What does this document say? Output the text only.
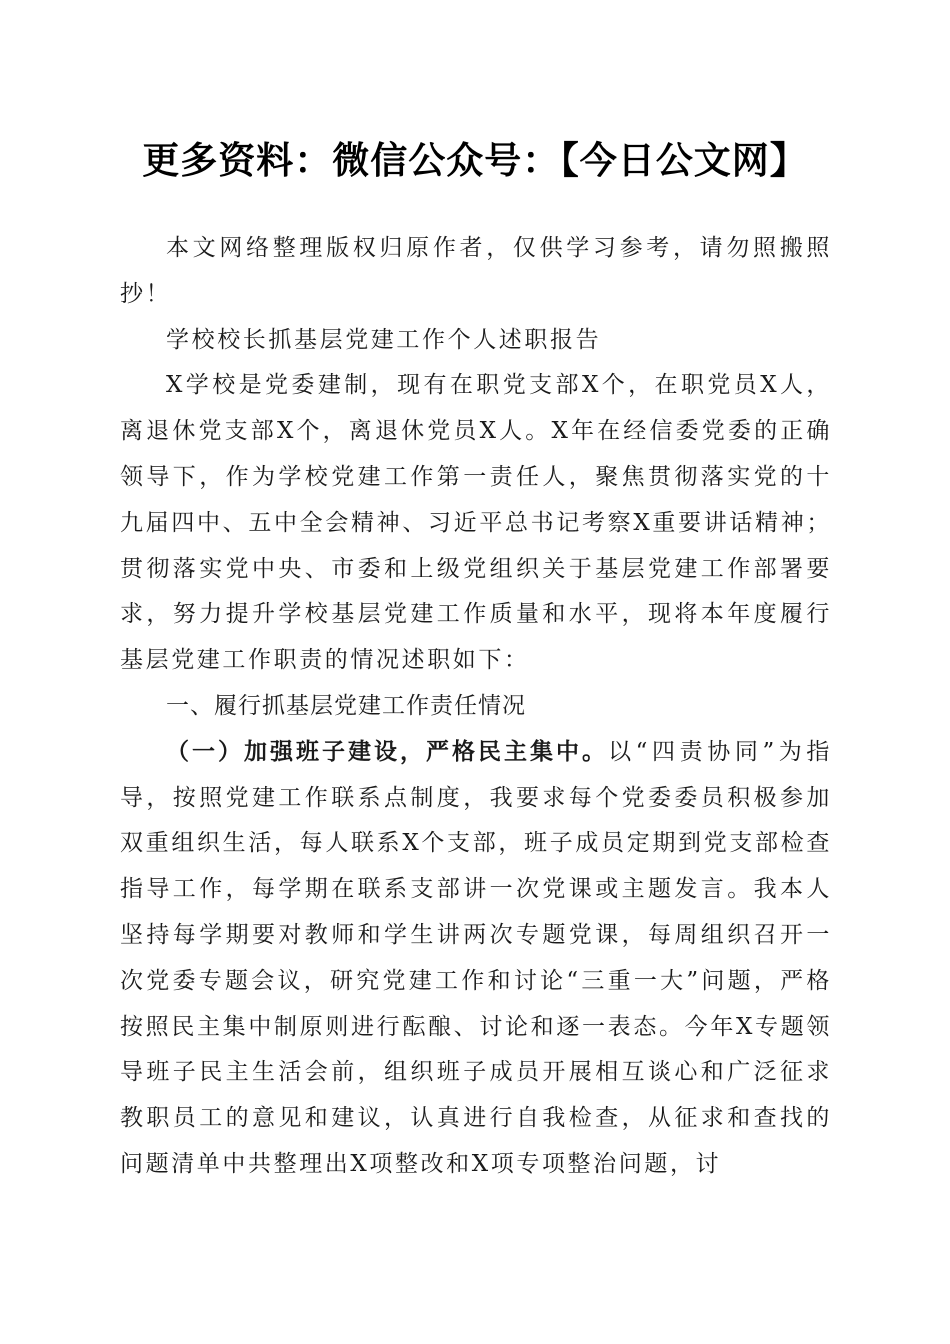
更多资料：微信公众号：【今日公文网】

本文网络整理版权归原作者，仅供学习参考，请勿照搬照抄！

学校校长抓基层党建工作个人述职报告

X学校是党委建制，现有在职党支部X个，在职党员X人，离退休党支部X个，离退休党员X人。X年在经信委党委的正确领导下，作为学校党建工作第一责任人，聚焦贯彻落实党的十九届四中、五中全会精神、习近平总书记考察X重要讲话精神；贯彻落实党中央、市委和上级党组织关于基层党建工作部署要求，努力提升学校基层党建工作质量和水平，现将本年度履行基层党建工作职责的情况述职如下：

一、履行抓基层党建工作责任情况

（一）加强班子建设，严格民主集中。以“四责协同”为指导，按照党建工作联系点制度，我要求每个党委委员积极参加双重组织生活，每人联系X个支部，班子成员定期到党支部检查指导工作，每学期在联系支部讲一次党课或主题发言。我本人坚持每学期要对教师和学生讲两次专题党课，每周组织召开一次党委专题会议，研究党建工作和讨论“三重一大”问题，严格按照民主集中制原则进行酝酿、讨论和逐一表态。今年X专题领导班子民主生活会前，组织班子成员开展相互谈心和广泛征求教职员工的意见和建议，认真进行自我检查，从征求和查找的问题清单中共整理出X项整改和X项专项整治问题，讨
